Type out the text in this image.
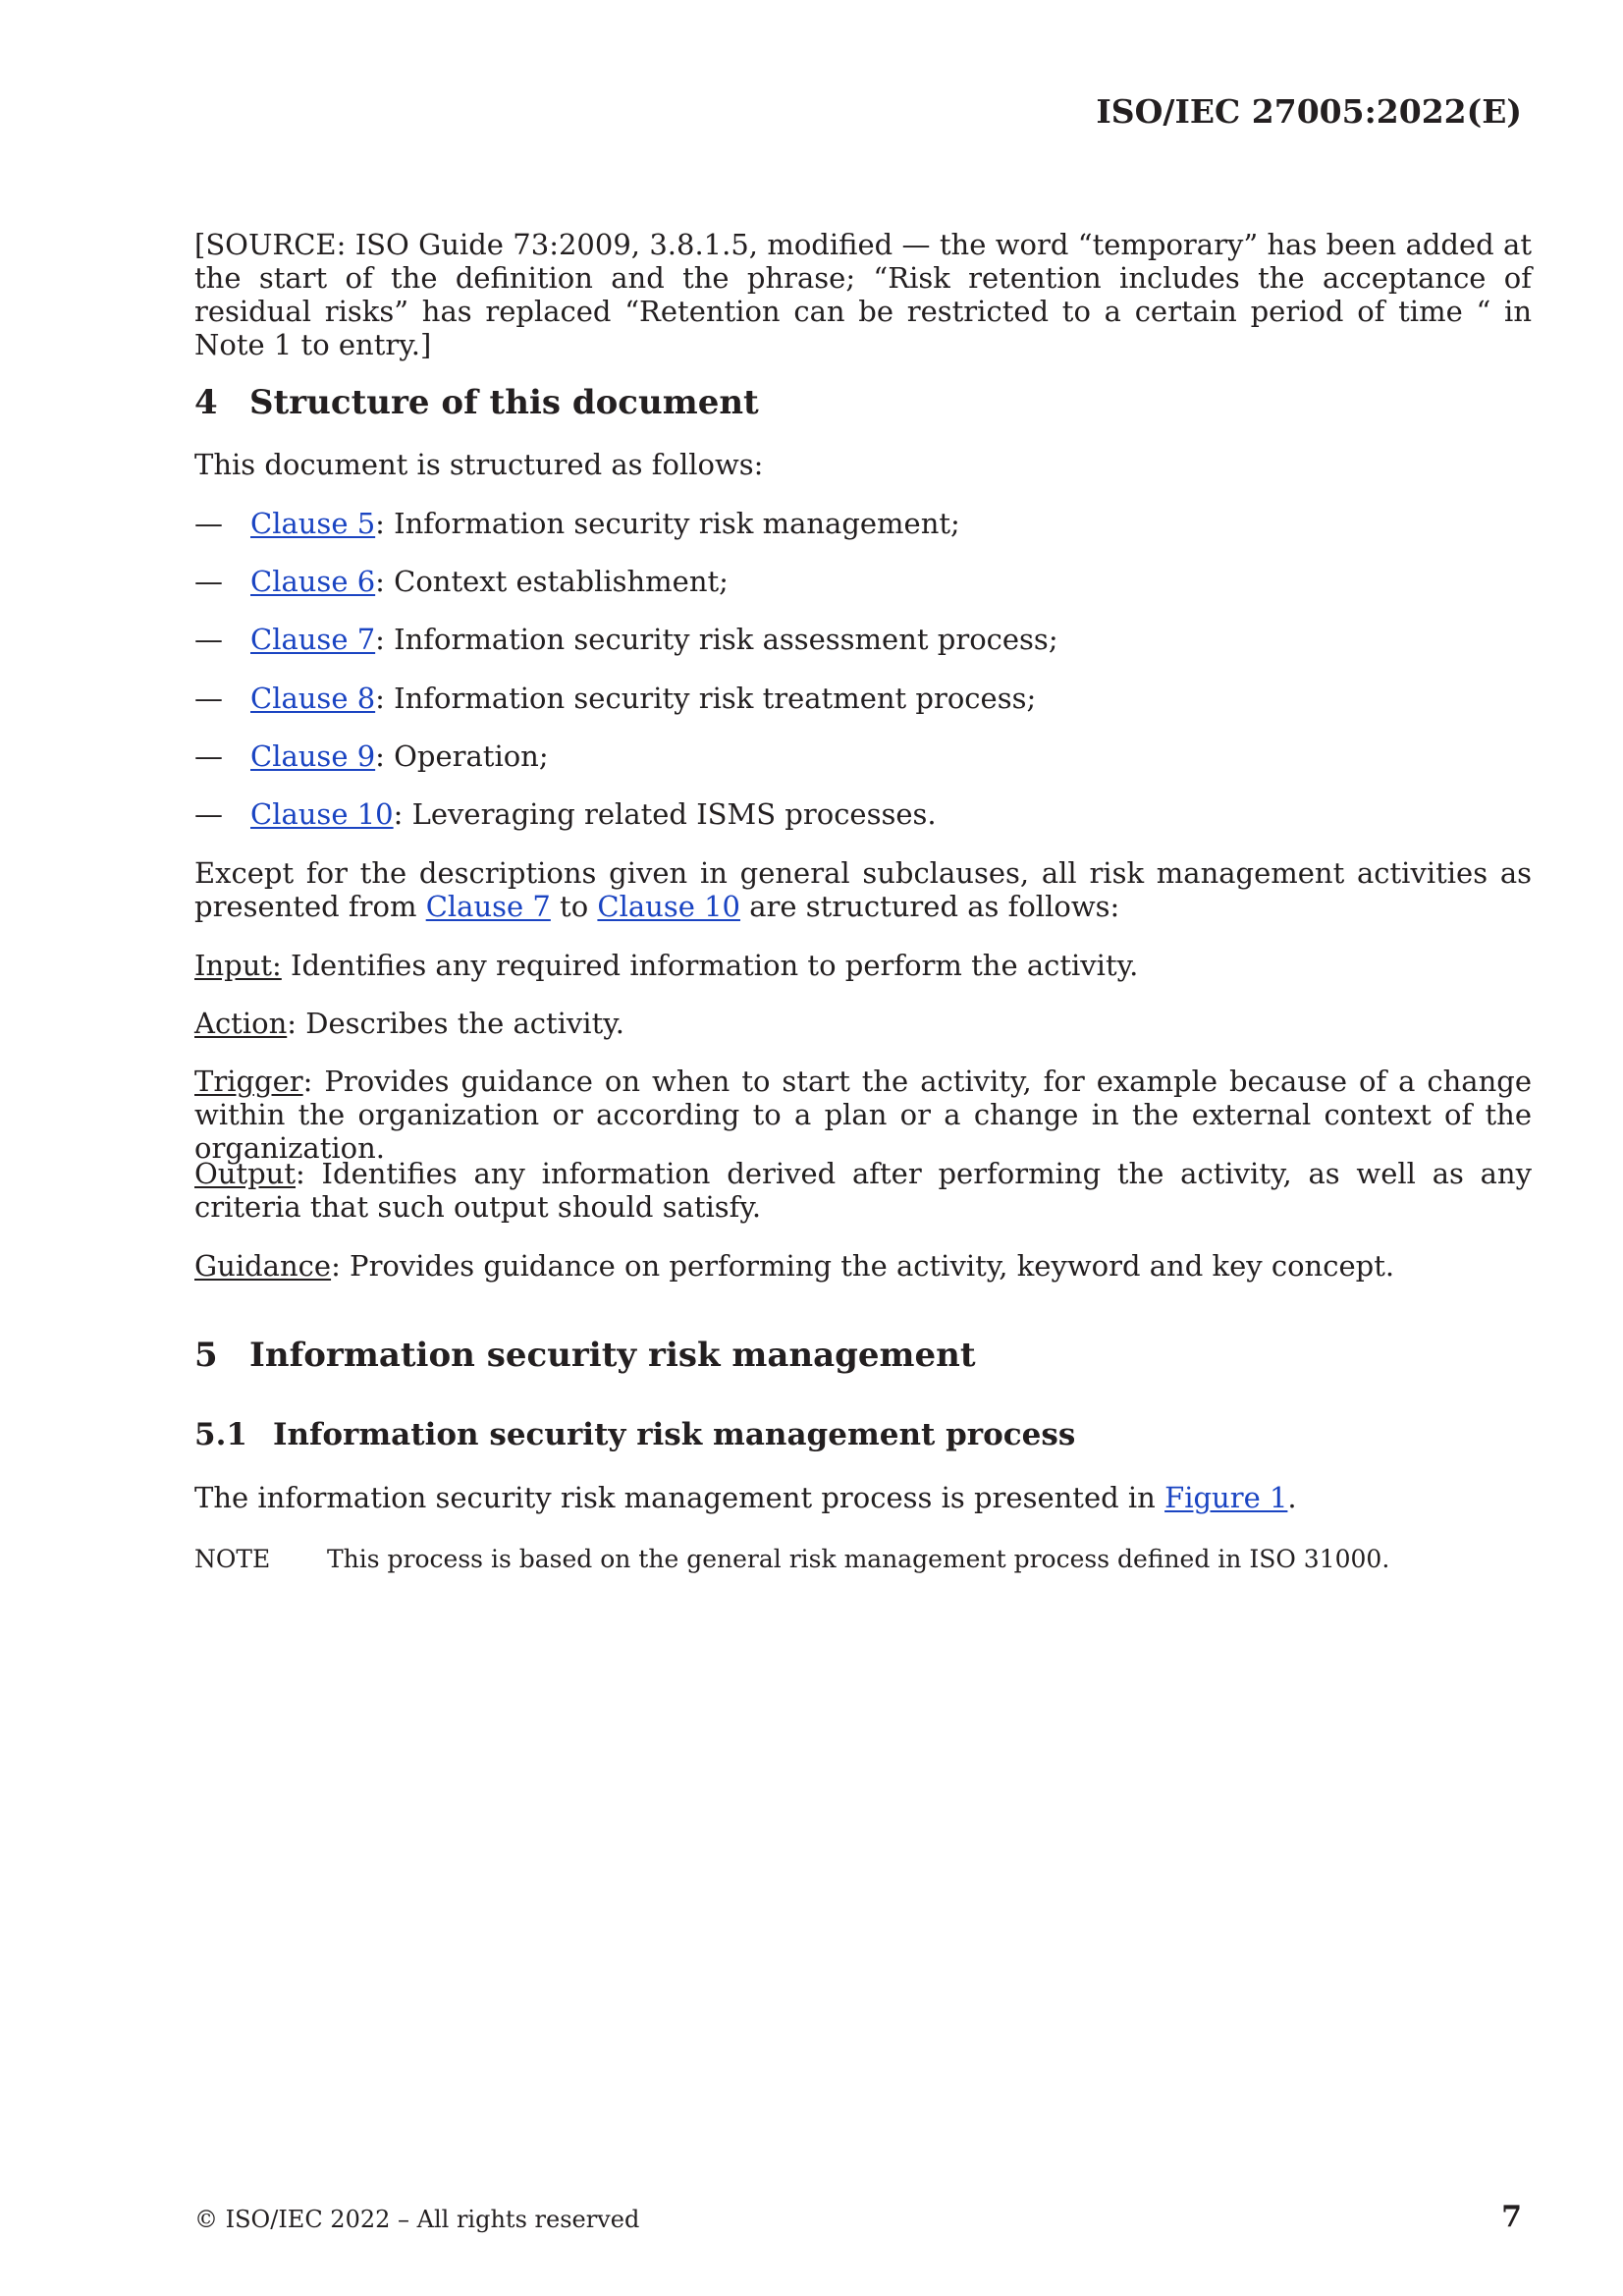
ISO/IEC 27005:2022(E)
[SOURCE: ISO Guide 73:2009, 3.8.1.5, modified — the word “temporary” has been added at the start of the definition and the phrase; “Risk retention includes the acceptance of residual risks” has replaced “Retention can be restricted to a certain period of time “ in Note 1 to entry.]
4 Structure of this document
This document is structured as follows:
— Clause 5: Information security risk management;
— Clause 6: Context establishment;
— Clause 7: Information security risk assessment process;
— Clause 8: Information security risk treatment process;
— Clause 9: Operation;
— Clause 10: Leveraging related ISMS processes.
Except for the descriptions given in general subclauses, all risk management activities as presented from Clause 7 to Clause 10 are structured as follows:
Input: Identifies any required information to perform the activity.
Action: Describes the activity.
Trigger: Provides guidance on when to start the activity, for example because of a change within the organization or according to a plan or a change in the external context of the organization.
Output: Identifies any information derived after performing the activity, as well as any criteria that such output should satisfy.
Guidance: Provides guidance on performing the activity, keyword and key concept.
5 Information security risk management
5.1 Information security risk management process
The information security risk management process is presented in Figure 1.
NOTE This process is based on the general risk management process defined in ISO 31000.
© ISO/IEC 2022 – All rights reserved	7
